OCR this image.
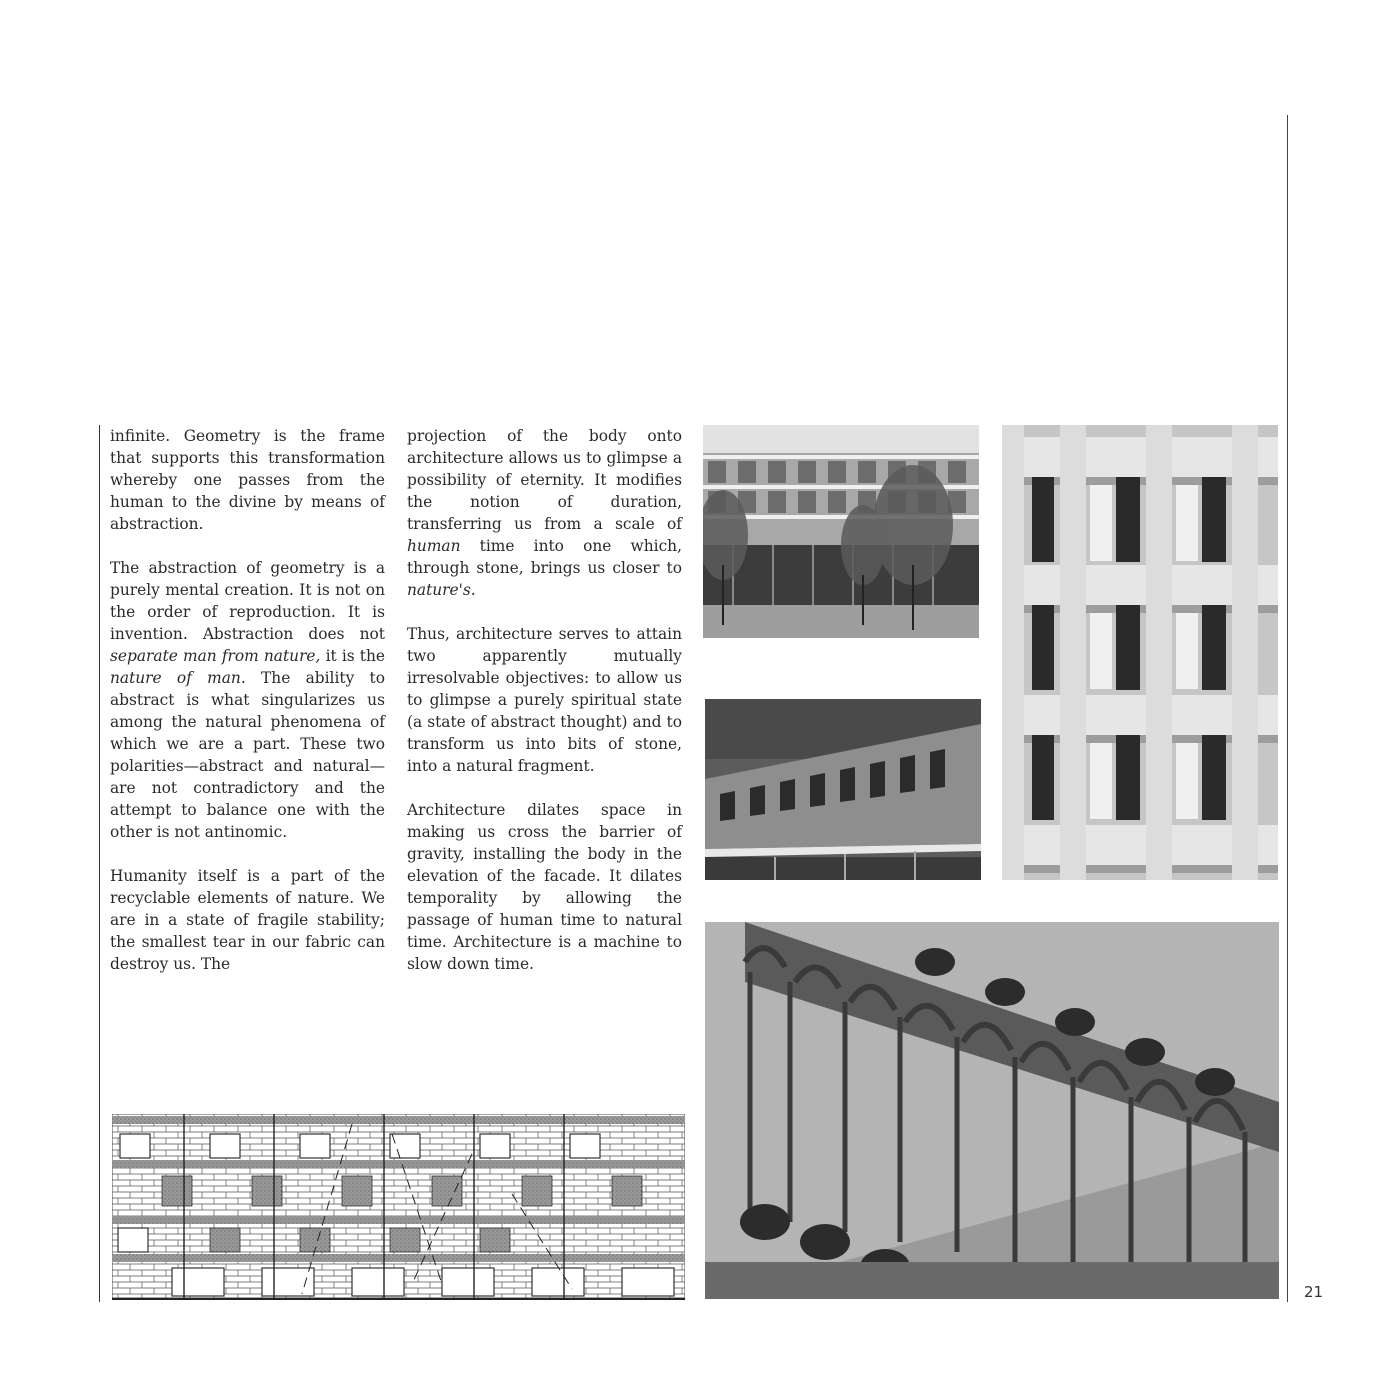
infinite. Geometry is the frame that supports this transformation whereby one passes from the human to the divine by means of abstraction.

The abstraction of geometry is a purely mental creation. It is not on the order of reproduction. It is invention. Abstraction does not separate man from nature, it is the nature of man. The ability to abstract is what singularizes us among the natural phenomena of which we are a part. These two polarities—abstract and natural—are not contradictory and the attempt to balance one with the other is not antinomic.

Humanity itself is a part of the recyclable elements of nature. We are in a state of fragile stability; the smallest tear in our fabric can destroy us. The

projection of the body onto architecture allows us to glimpse a possibility of eternity. It modifies the notion of duration, transferring us from a scale of human time into one which, through stone, brings us closer to nature's.

Thus, architecture serves to attain two apparently mutually irresolvable objectives: to allow us to glimpse a purely spiritual state (a state of abstract thought) and to transform us into bits of stone, into a natural fragment.

Architecture dilates space in making us cross the barrier of gravity, installing the body in the elevation of the facade. It dilates temporality by allowing the passage of human time to natural time. Architecture is a machine to slow down time.

21
